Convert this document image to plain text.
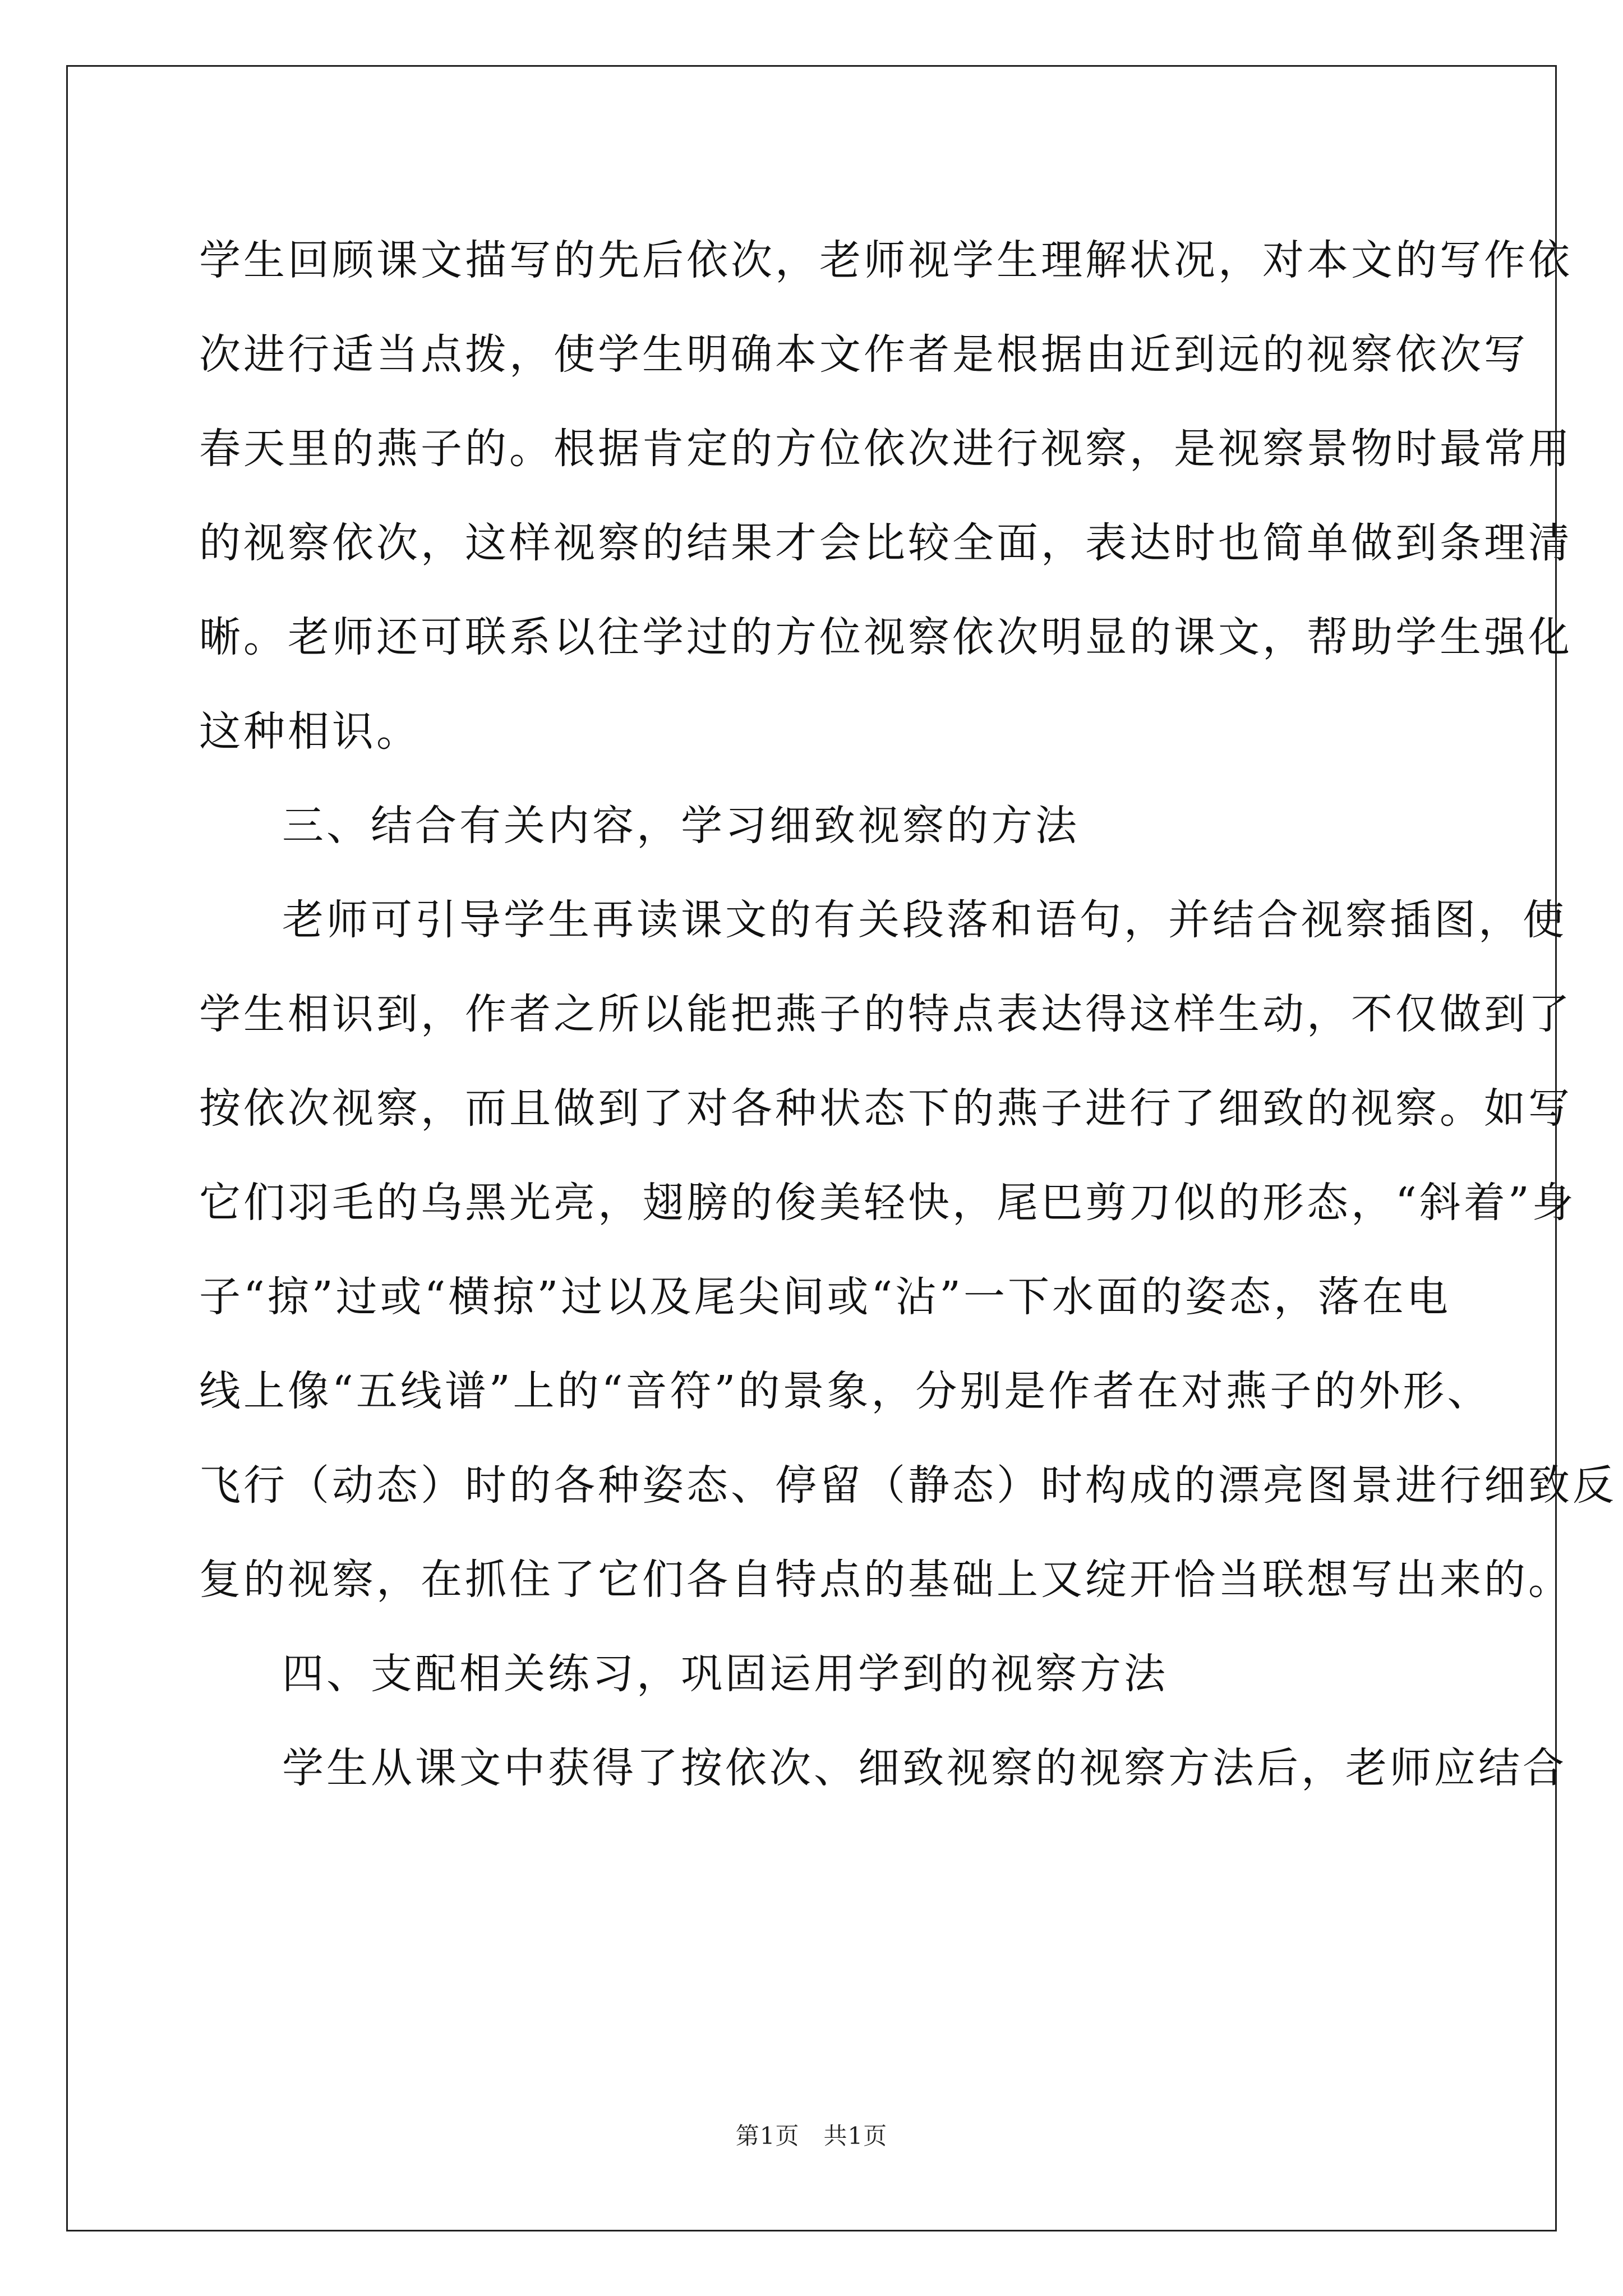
学生回顾课文描写的先后依次，老师视学生理解状况，对本文的写作依
次进行适当点拨，使学生明确本文作者是根据由近到远的视察依次写
春天里的燕子的。根据肯定的方位依次进行视察，是视察景物时最常用
的视察依次，这样视察的结果才会比较全面，表达时也简单做到条理清
晰。老师还可联系以往学过的方位视察依次明显的课文，帮助学生强化
这种相识。
三、结合有关内容，学习细致视察的方法
老师可引导学生再读课文的有关段落和语句，并结合视察插图，使
学生相识到，作者之所以能把燕子的特点表达得这样生动，不仅做到了
按依次视察，而且做到了对各种状态下的燕子进行了细致的视察。如写
它们羽毛的乌黑光亮，翅膀的俊美轻快，尾巴剪刀似的形态，“斜着”身
子“掠”过或“横掠”过以及尾尖间或“沾”一下水面的姿态，落在电
线上像“五线谱”上的“音符”的景象，分别是作者在对燕子的外形、
飞行（动态）时的各种姿态、停留（静态）时构成的漂亮图景进行细致反
复的视察，在抓住了它们各自特点的基础上又绽开恰当联想写出来的。
四、支配相关练习，巩固运用学到的视察方法
学生从课文中获得了按依次、细致视察的视察方法后，老师应结合
第1页　共1页
